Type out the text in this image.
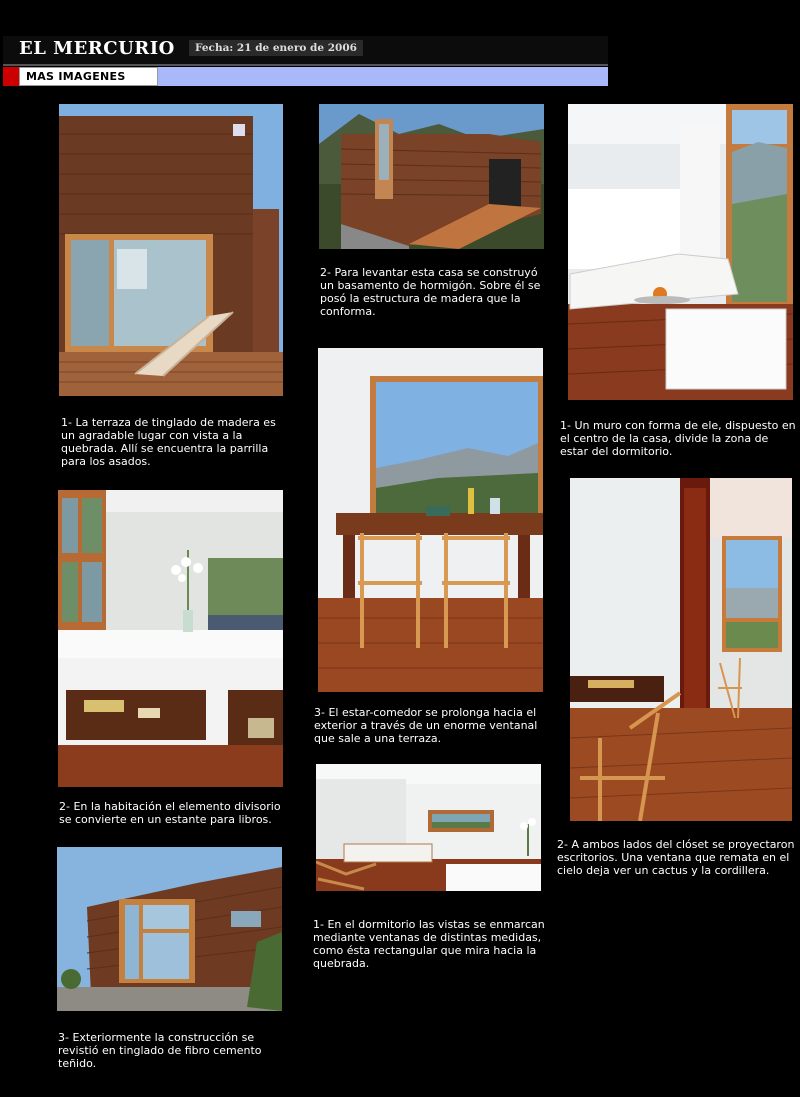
EL MERCURIO	Fecha: 21 de enero de 2006
MAS IMAGENES
1- La terraza de tinglado de madera es un agradable lugar con vista a la quebrada. Allí se encuentra la parrilla para los asados.
2- Para levantar esta casa se construyó un basamento de hormigón. Sobre él se posó la estructura de madera que la conforma.
1- Un muro con forma de ele, dispuesto en el centro de la casa, divide la zona de estar del dormitorio.
2- En la habitación el elemento divisorio se convierte en un estante para libros.
3- El estar-comedor se prolonga hacia el exterior a través de un enorme ventanal que sale a una terraza.
2- A ambos lados del clóset se proyectaron escritorios. Una ventana que remata en el cielo deja ver un cactus y la cordillera.
1- En el dormitorio las vistas se enmarcan mediante ventanas de distintas medidas, como ésta rectangular que mira hacia la quebrada.
3- Exteriormente la construcción se revistió en tinglado de fibro cemento teñido.
